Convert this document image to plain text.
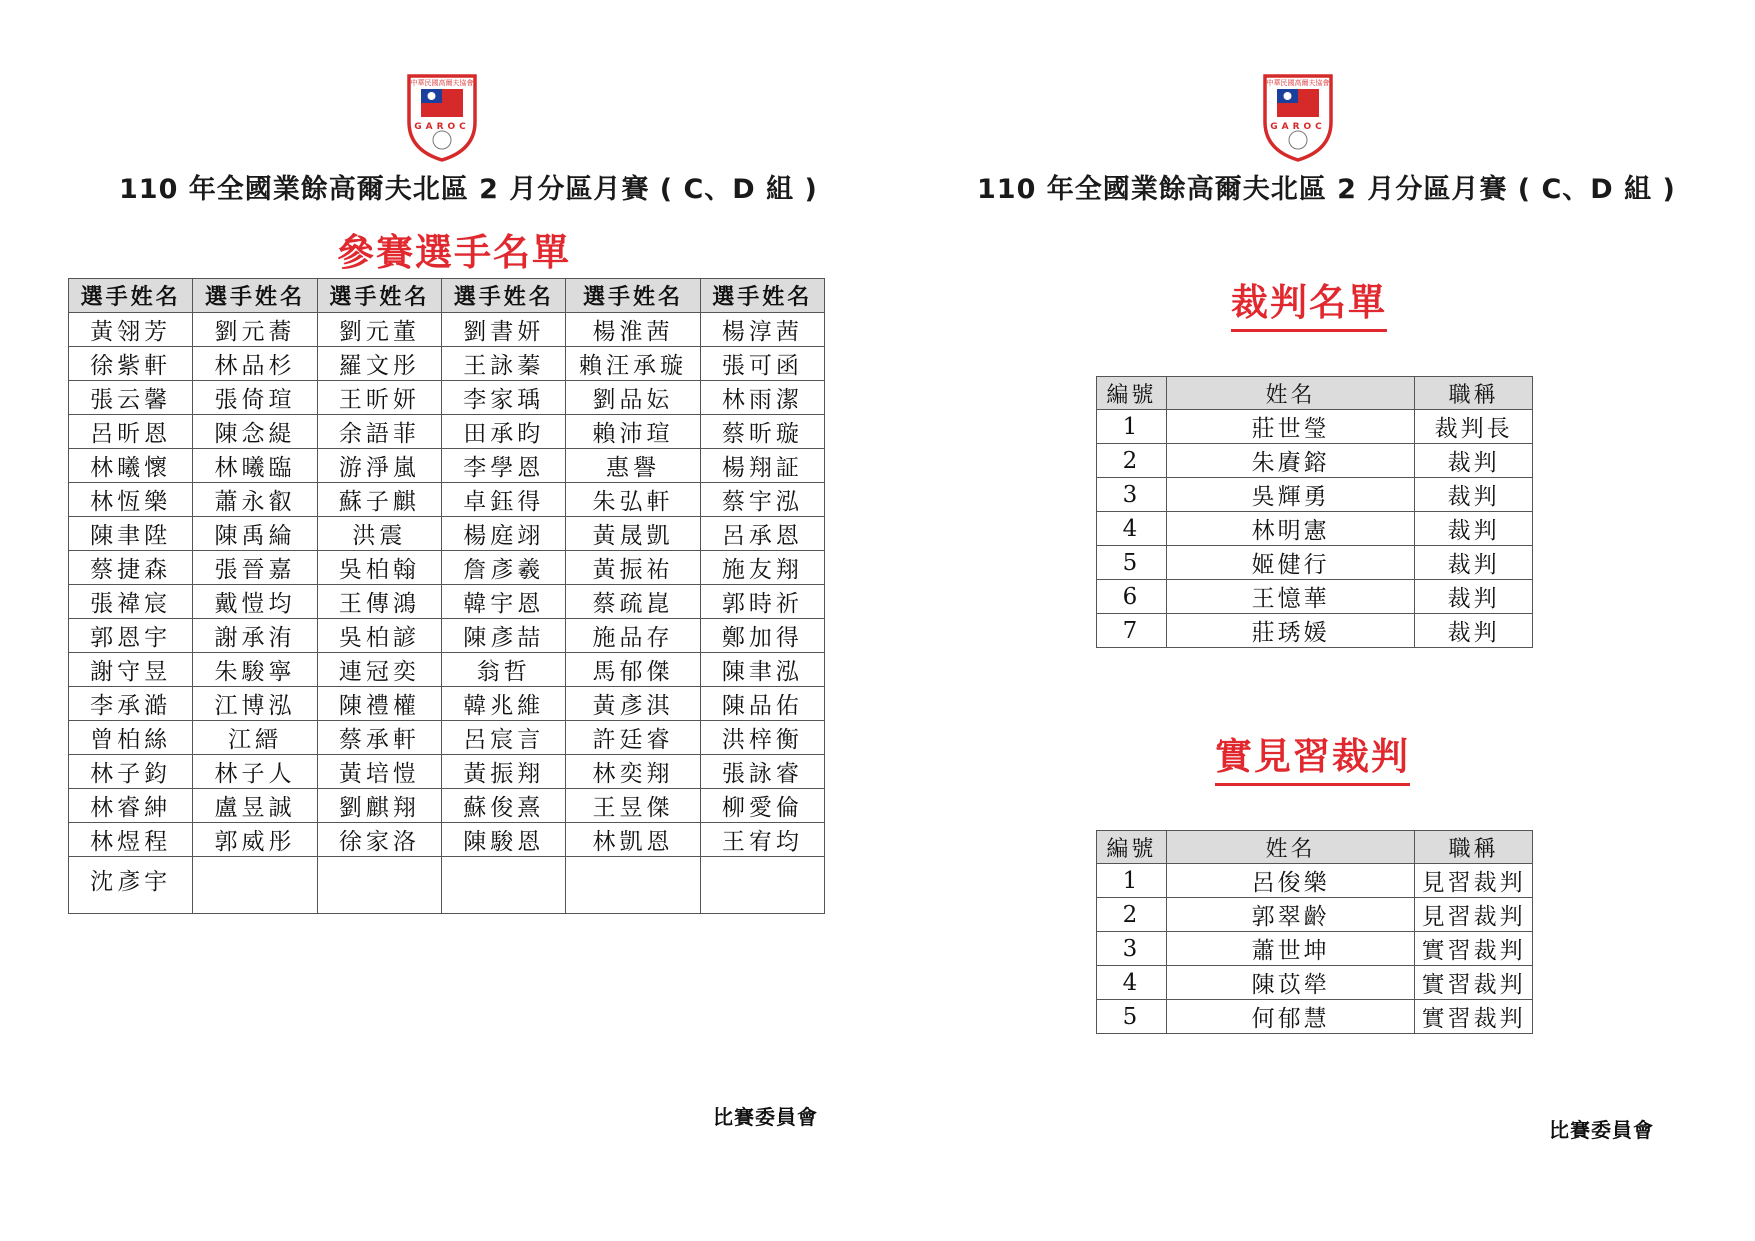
中華民國高爾夫協會
GAROC
110 年全國業餘高爾夫北區 2 月分區月賽 ( C、D 組 )
參賽選手名單
選手姓名	選手姓名	選手姓名	選手姓名	選手姓名	選手姓名
黃翎芳	劉元蕎	劉元董	劉書妍	楊淮茜	楊淳茜
徐紫軒	林品杉	羅文彤	王詠蓁	賴汪承璇	張可函
張云馨	張倚瑄	王昕妍	李家瑀	劉品妘	林雨潔
呂昕恩	陳念緹	余語菲	田承昀	賴沛瑄	蔡昕璇
林曦懷	林曦臨	游淨嵐	李學恩	惠譽	楊翔証
林恆樂	蕭永叡	蘇子麒	卓鈺得	朱弘軒	蔡宇泓
陳聿陞	陳禹綸	洪震	楊庭翊	黃晟凱	呂承恩
蔡捷森	張晉嘉	吳柏翰	詹彥羲	黃振祐	施友翔
張褘宸	戴愷均	王傳鴻	韓宇恩	蔡疏崑	郭時祈
郭恩宇	謝承洧	吳柏諺	陳彥喆	施品存	鄭加得
謝守昱	朱駿寧	連冠奕	翁哲	馬郁傑	陳聿泓
李承澔	江博泓	陳禮權	韓兆維	黃彥淇	陳品佑
曾柏絲	江縉	蔡承軒	呂宸言	許廷睿	洪梓衡
林子鈞	林子人	黃培愷	黃振翔	林奕翔	張詠睿
林睿紳	盧昱誠	劉麒翔	蘇俊熹	王昱傑	柳愛倫
林煜程	郭威彤	徐家洛	陳駿恩	林凱恩	王宥均
沈彥宇					
比賽委員會
中華民國高爾夫協會
GAROC
110 年全國業餘高爾夫北區 2 月分區月賽 ( C、D 組 )
裁判名單
編號	姓名	職稱
1	莊世瑩	裁判長
2	朱賡鎔	裁判
3	吳輝勇	裁判
4	林明憲	裁判
5	姬健行	裁判
6	王憶華	裁判
7	莊琇媛	裁判
實見習裁判
編號	姓名	職稱
1	呂俊樂	見習裁判
2	郭翠齡	見習裁判
3	蕭世坤	實習裁判
4	陳苡犖	實習裁判
5	何郁慧	實習裁判
比賽委員會
